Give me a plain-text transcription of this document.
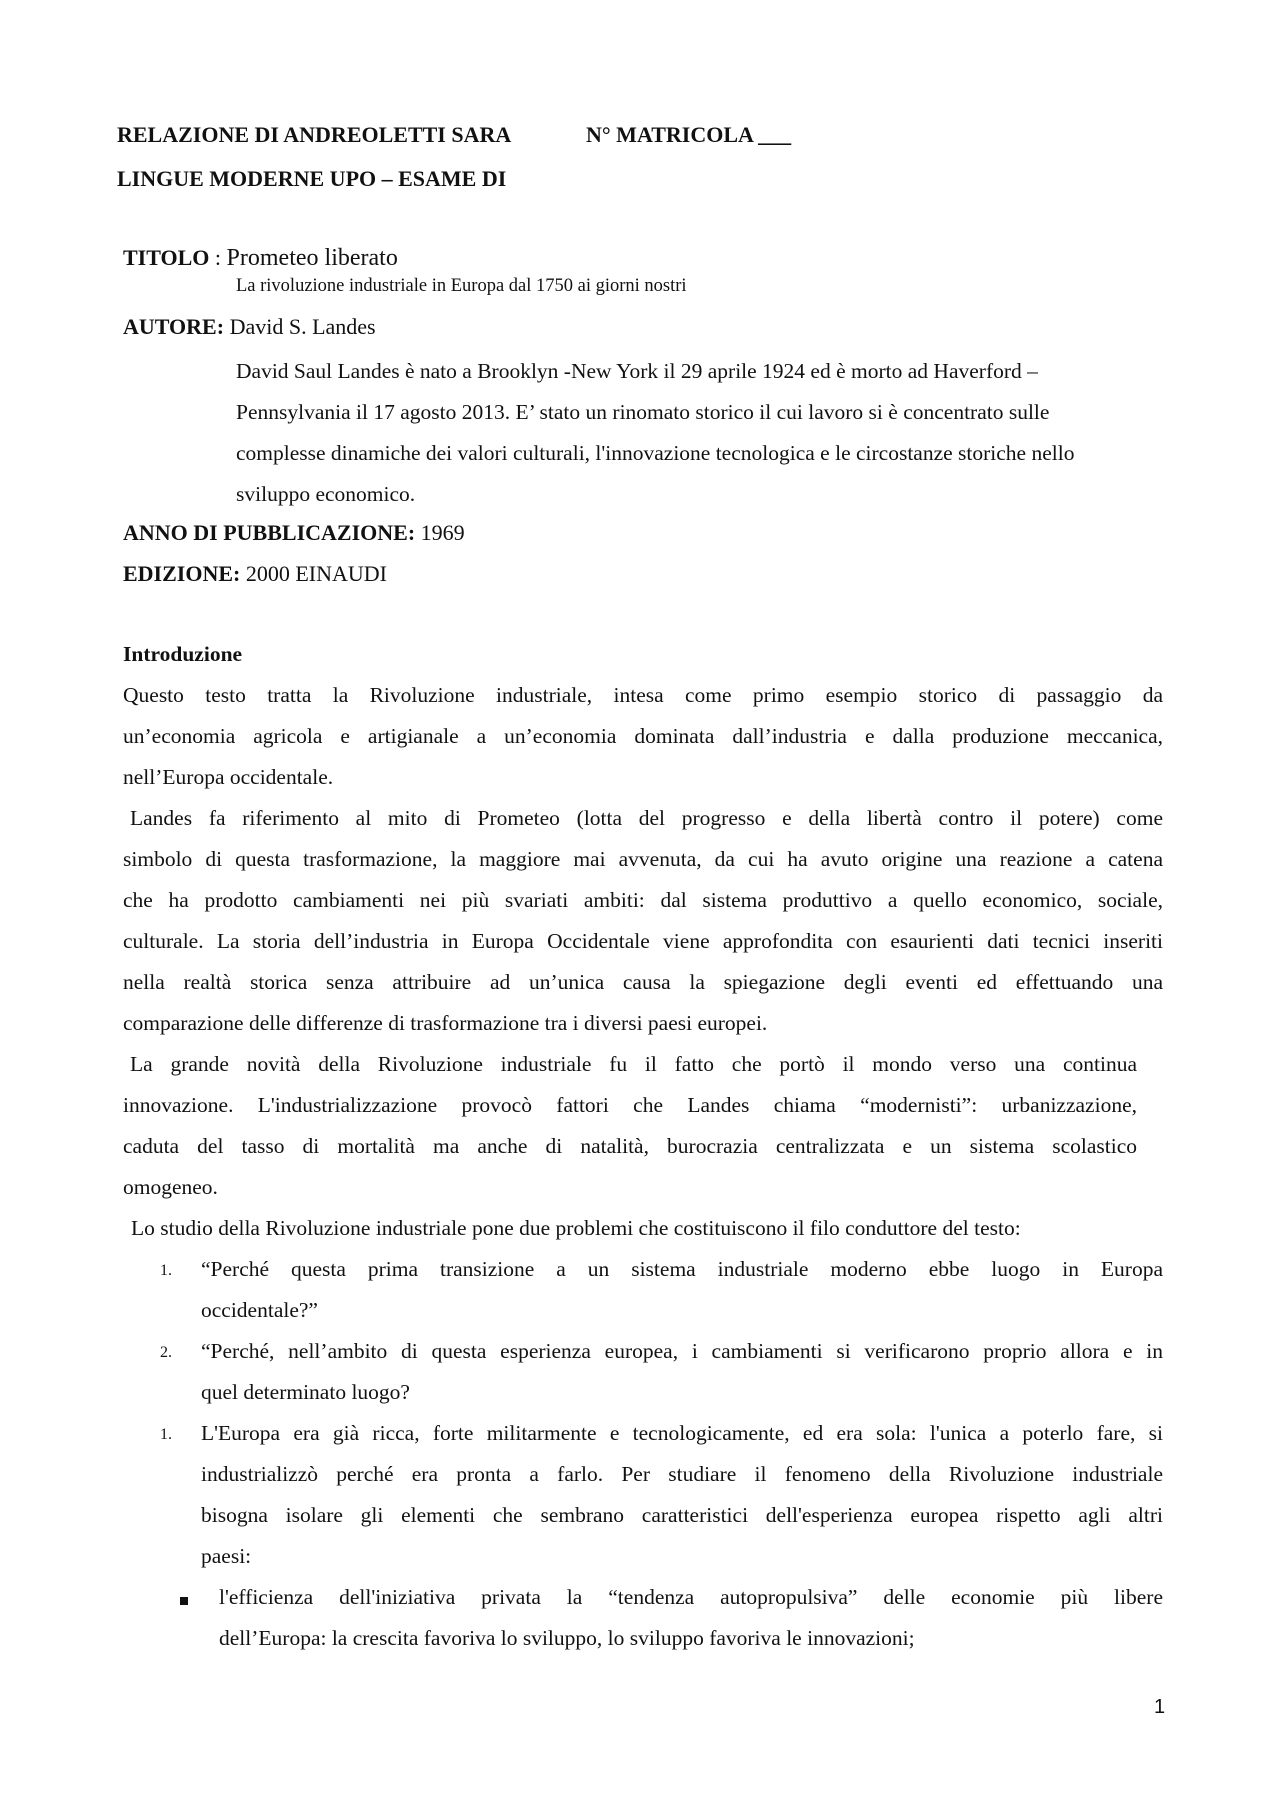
RELAZIONE DI ANDREOLETTI SARA	N° MATRICOLA ___
LINGUE MODERNE UPO – ESAME DI
TITOLO : Prometeo liberato
La rivoluzione industriale in Europa dal 1750 ai giorni nostri
AUTORE: David S. Landes
David Saul Landes è nato a Brooklyn -New York il 29 aprile 1924 ed è morto ad Haverford –
Pennsylvania il 17 agosto 2013. E’ stato un rinomato storico il cui lavoro si è concentrato sulle
complesse dinamiche dei valori culturali, l'innovazione tecnologica e le circostanze storiche nello
sviluppo economico.
ANNO DI PUBBLICAZIONE: 1969
EDIZIONE: 2000 EINAUDI
Introduzione
Questo testo tratta la Rivoluzione industriale, intesa come primo esempio storico di passaggio da
un’economia agricola e artigianale a un’economia dominata dall’industria e dalla produzione meccanica,
nell’Europa occidentale.
Landes fa riferimento al mito di Prometeo (lotta del progresso e della libertà contro il potere) come
simbolo di questa trasformazione, la maggiore mai avvenuta, da cui ha avuto origine una reazione a catena
che ha prodotto cambiamenti nei più svariati ambiti: dal sistema produttivo a quello economico, sociale,
culturale. La storia dell’industria in Europa Occidentale viene approfondita con esaurienti dati tecnici inseriti
nella realtà storica senza attribuire ad un’unica causa la spiegazione degli eventi ed effettuando una
comparazione delle differenze di trasformazione tra i diversi paesi europei.
La grande novità della Rivoluzione industriale fu il fatto che portò il mondo verso una continua
innovazione. L'industrializzazione provocò fattori che Landes chiama “modernisti”: urbanizzazione,
caduta del tasso di mortalità ma anche di natalità, burocrazia centralizzata e un sistema scolastico
omogeneo.
Lo studio della Rivoluzione industriale pone due problemi che costituiscono il filo conduttore del testo:
1. “Perché questa prima transizione a un sistema industriale moderno ebbe luogo in Europa
occidentale?”
2. “Perché, nell’ambito di questa esperienza europea, i cambiamenti si verificarono proprio allora e in
quel determinato luogo?
1. L'Europa era già ricca, forte militarmente e tecnologicamente, ed era sola: l'unica a poterlo fare, si
industrializzò perché era pronta a farlo. Per studiare il fenomeno della Rivoluzione industriale
bisogna isolare gli elementi che sembrano caratteristici dell'esperienza europea rispetto agli altri
paesi:
l'efficienza dell'iniziativa privata la “tendenza autopropulsiva” delle economie più libere
dell’Europa: la crescita favoriva lo sviluppo, lo sviluppo favoriva le innovazioni;
1
